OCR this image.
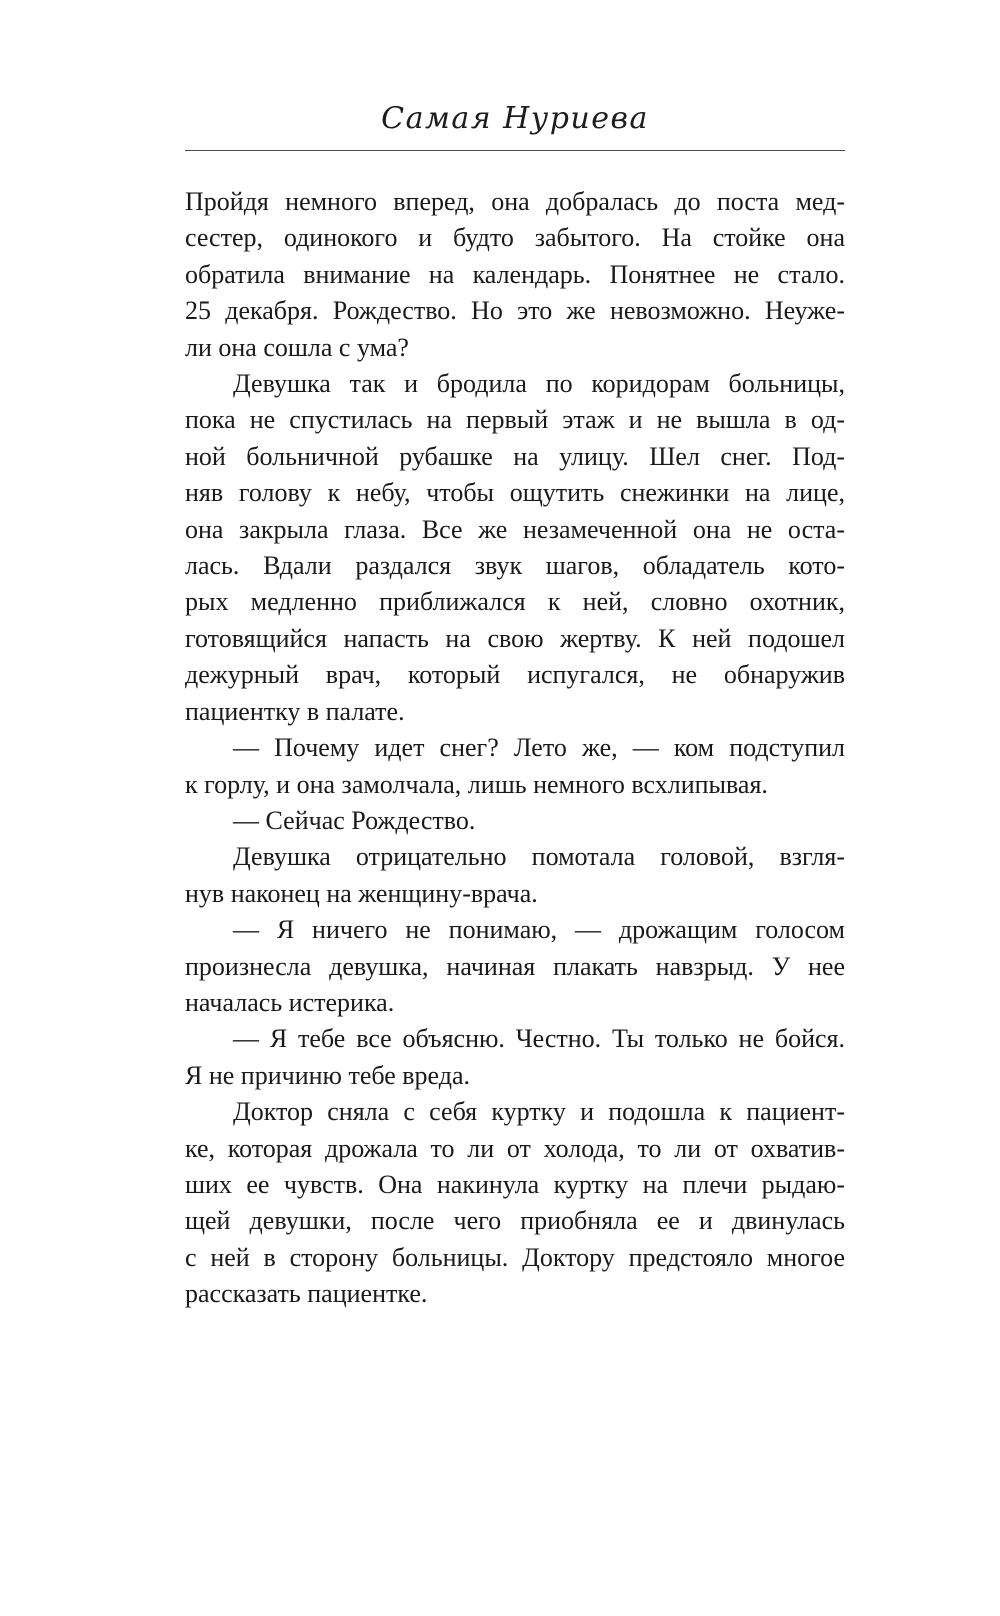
Самая Нуриева
Пройдя немного вперед, она добралась до поста мед-
сестер, одинокого и будто забытого. На стойке она
обратила внимание на календарь. Понятнее не стало.
25 декабря. Рождество. Но это же невозможно. Неуже-
ли она сошла с ума?
Девушка так и бродила по коридорам больницы,
пока не спустилась на первый этаж и не вышла в од-
ной больничной рубашке на улицу. Шел снег. Под-
няв голову к небу, чтобы ощутить снежинки на лице,
она закрыла глаза. Все же незамеченной она не оста-
лась. Вдали раздался звук шагов, обладатель кото-
рых медленно приближался к ней, словно охотник,
готовящийся напасть на свою жертву. К ней подошел
дежурный врач, который испугался, не обнаружив
пациентку в палате.
— Почему идет снег? Лето же, — ком подступил
к горлу, и она замолчала, лишь немного всхлипывая.
— Сейчас Рождество.
Девушка отрицательно помотала головой, взгля-
нув наконец на женщину-врача.
— Я ничего не понимаю, — дрожащим голосом
произнесла девушка, начиная плакать навзрыд. У нее
началась истерика.
— Я тебе все объясню. Честно. Ты только не бойся.
Я не причиню тебе вреда.
Доктор сняла с себя куртку и подошла к пациент-
ке, которая дрожала то ли от холода, то ли от охватив-
ших ее чувств. Она накинула куртку на плечи рыдаю-
щей девушки, после чего приобняла ее и двинулась
с ней в сторону больницы. Доктору предстояло многое
рассказать пациентке.
